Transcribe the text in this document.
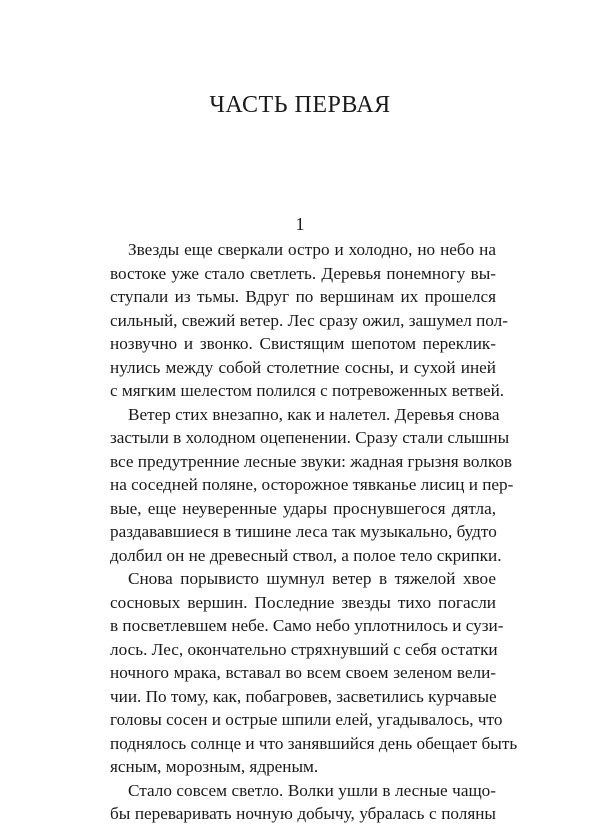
ЧАСТЬ ПЕРВАЯ
1
Звезды еще сверкали остро и холодно, но небо на
востоке уже стало светлеть. Деревья понемногу вы-
ступали из тьмы. Вдруг по вершинам их прошелся
сильный, свежий ветер. Лес сразу ожил, зашумел пол-
нозвучно и звонко. Свистящим шепотом переклик-
нулись между собой столетние сосны, и сухой иней
с мягким шелестом полился с потревоженных ветвей.
Ветер стих внезапно, как и налетел. Деревья снова
застыли в холодном оцепенении. Сразу стали слышны
все предутренние лесные звуки: жадная грызня волков
на соседней поляне, осторожное тявканье лисиц и пер-
вые, еще неуверенные удары проснувшегося дятла,
раздававшиеся в тишине леса так музыкально, будто
долбил он не древесный ствол, а полое тело скрипки.
Снова порывисто шумнул ветер в тяжелой хвое
сосновых вершин. Последние звезды тихо погасли
в посветлевшем небе. Само небо уплотнилось и сузи-
лось. Лес, окончательно стряхнувший с себя остатки
ночного мрака, вставал во всем своем зеленом вели-
чии. По тому, как, побагровев, засветились курчавые
головы сосен и острые шпили елей, угадывалось, что
поднялось солнце и что занявшийся день обещает быть
ясным, морозным, ядреным.
Стало совсем светло. Волки ушли в лесные чащо-
бы переваривать ночную добычу, убралась с поляны
